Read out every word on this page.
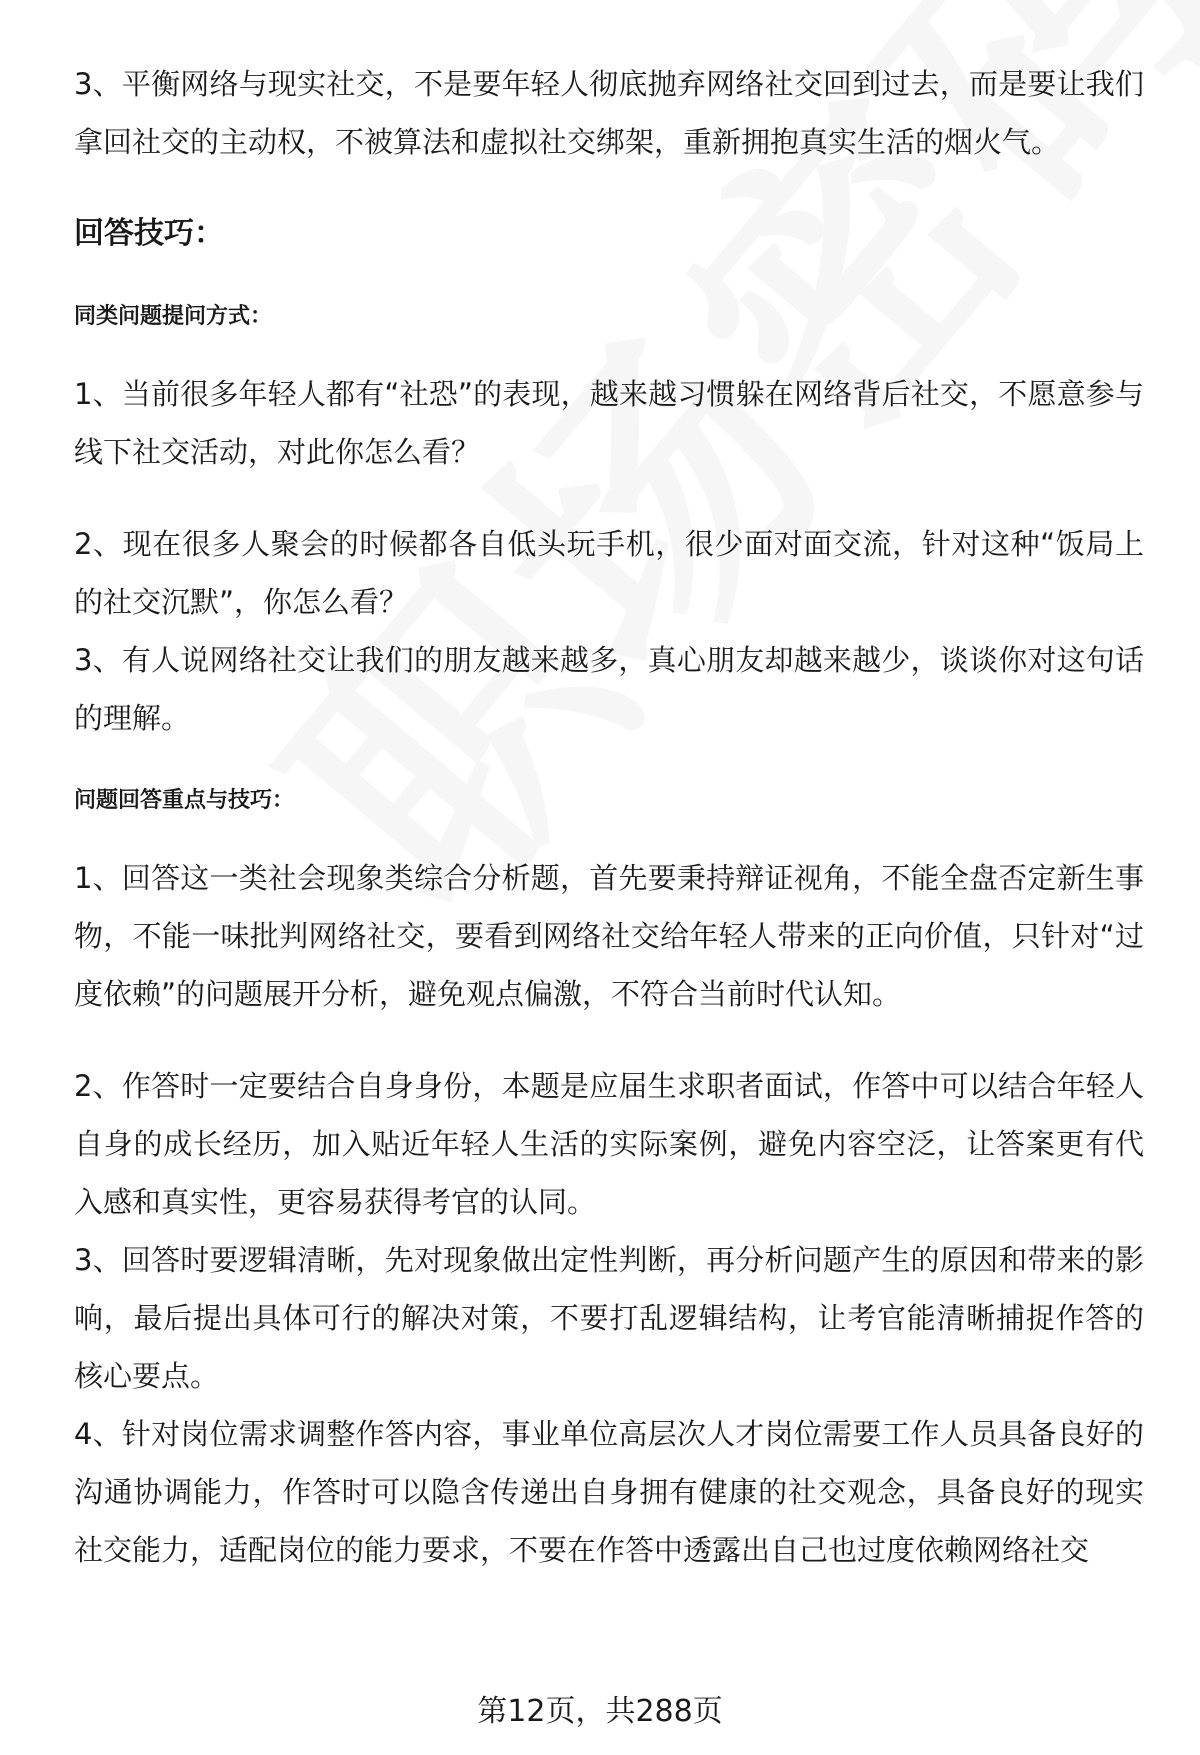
3、平衡网络与现实社交，不是要年轻人彻底抛弃网络社交回到过去，而是要让我们拿回社交的主动权，不被算法和虚拟社交绑架，重新拥抱真实生活的烟火气。

回答技巧：

同类问题提问方式：

1、当前很多年轻人都有“社恐”的表现，越来越习惯躲在网络背后社交，不愿意参与线下社交活动，对此你怎么看？

2、现在很多人聚会的时候都各自低头玩手机，很少面对面交流，针对这种“饭局上的社交沉默”，你怎么看？

3、有人说网络社交让我们的朋友越来越多，真心朋友却越来越少，谈谈你对这句话的理解。

问题回答重点与技巧：

1、回答这一类社会现象类综合分析题，首先要秉持辩证视角，不能全盘否定新生事物，不能一味批判网络社交，要看到网络社交给年轻人带来的正向价值，只针对“过度依赖”的问题展开分析，避免观点偏激，不符合当前时代认知。

2、作答时一定要结合自身身份，本题是应届生求职者面试，作答中可以结合年轻人自身的成长经历，加入贴近年轻人生活的实际案例，避免内容空泛，让答案更有代入感和真实性，更容易获得考官的认同。

3、回答时要逻辑清晰，先对现象做出定性判断，再分析问题产生的原因和带来的影响，最后提出具体可行的解决对策，不要打乱逻辑结构，让考官能清晰捕捉作答的核心要点。

4、针对岗位需求调整作答内容，事业单位高层次人才岗位需要工作人员具备良好的沟通协调能力，作答时可以隐含传递出自身拥有健康的社交观念，具备良好的现实社交能力，适配岗位的能力要求，不要在作答中透露出自己也过度依赖网络社交

第12页，共288页
